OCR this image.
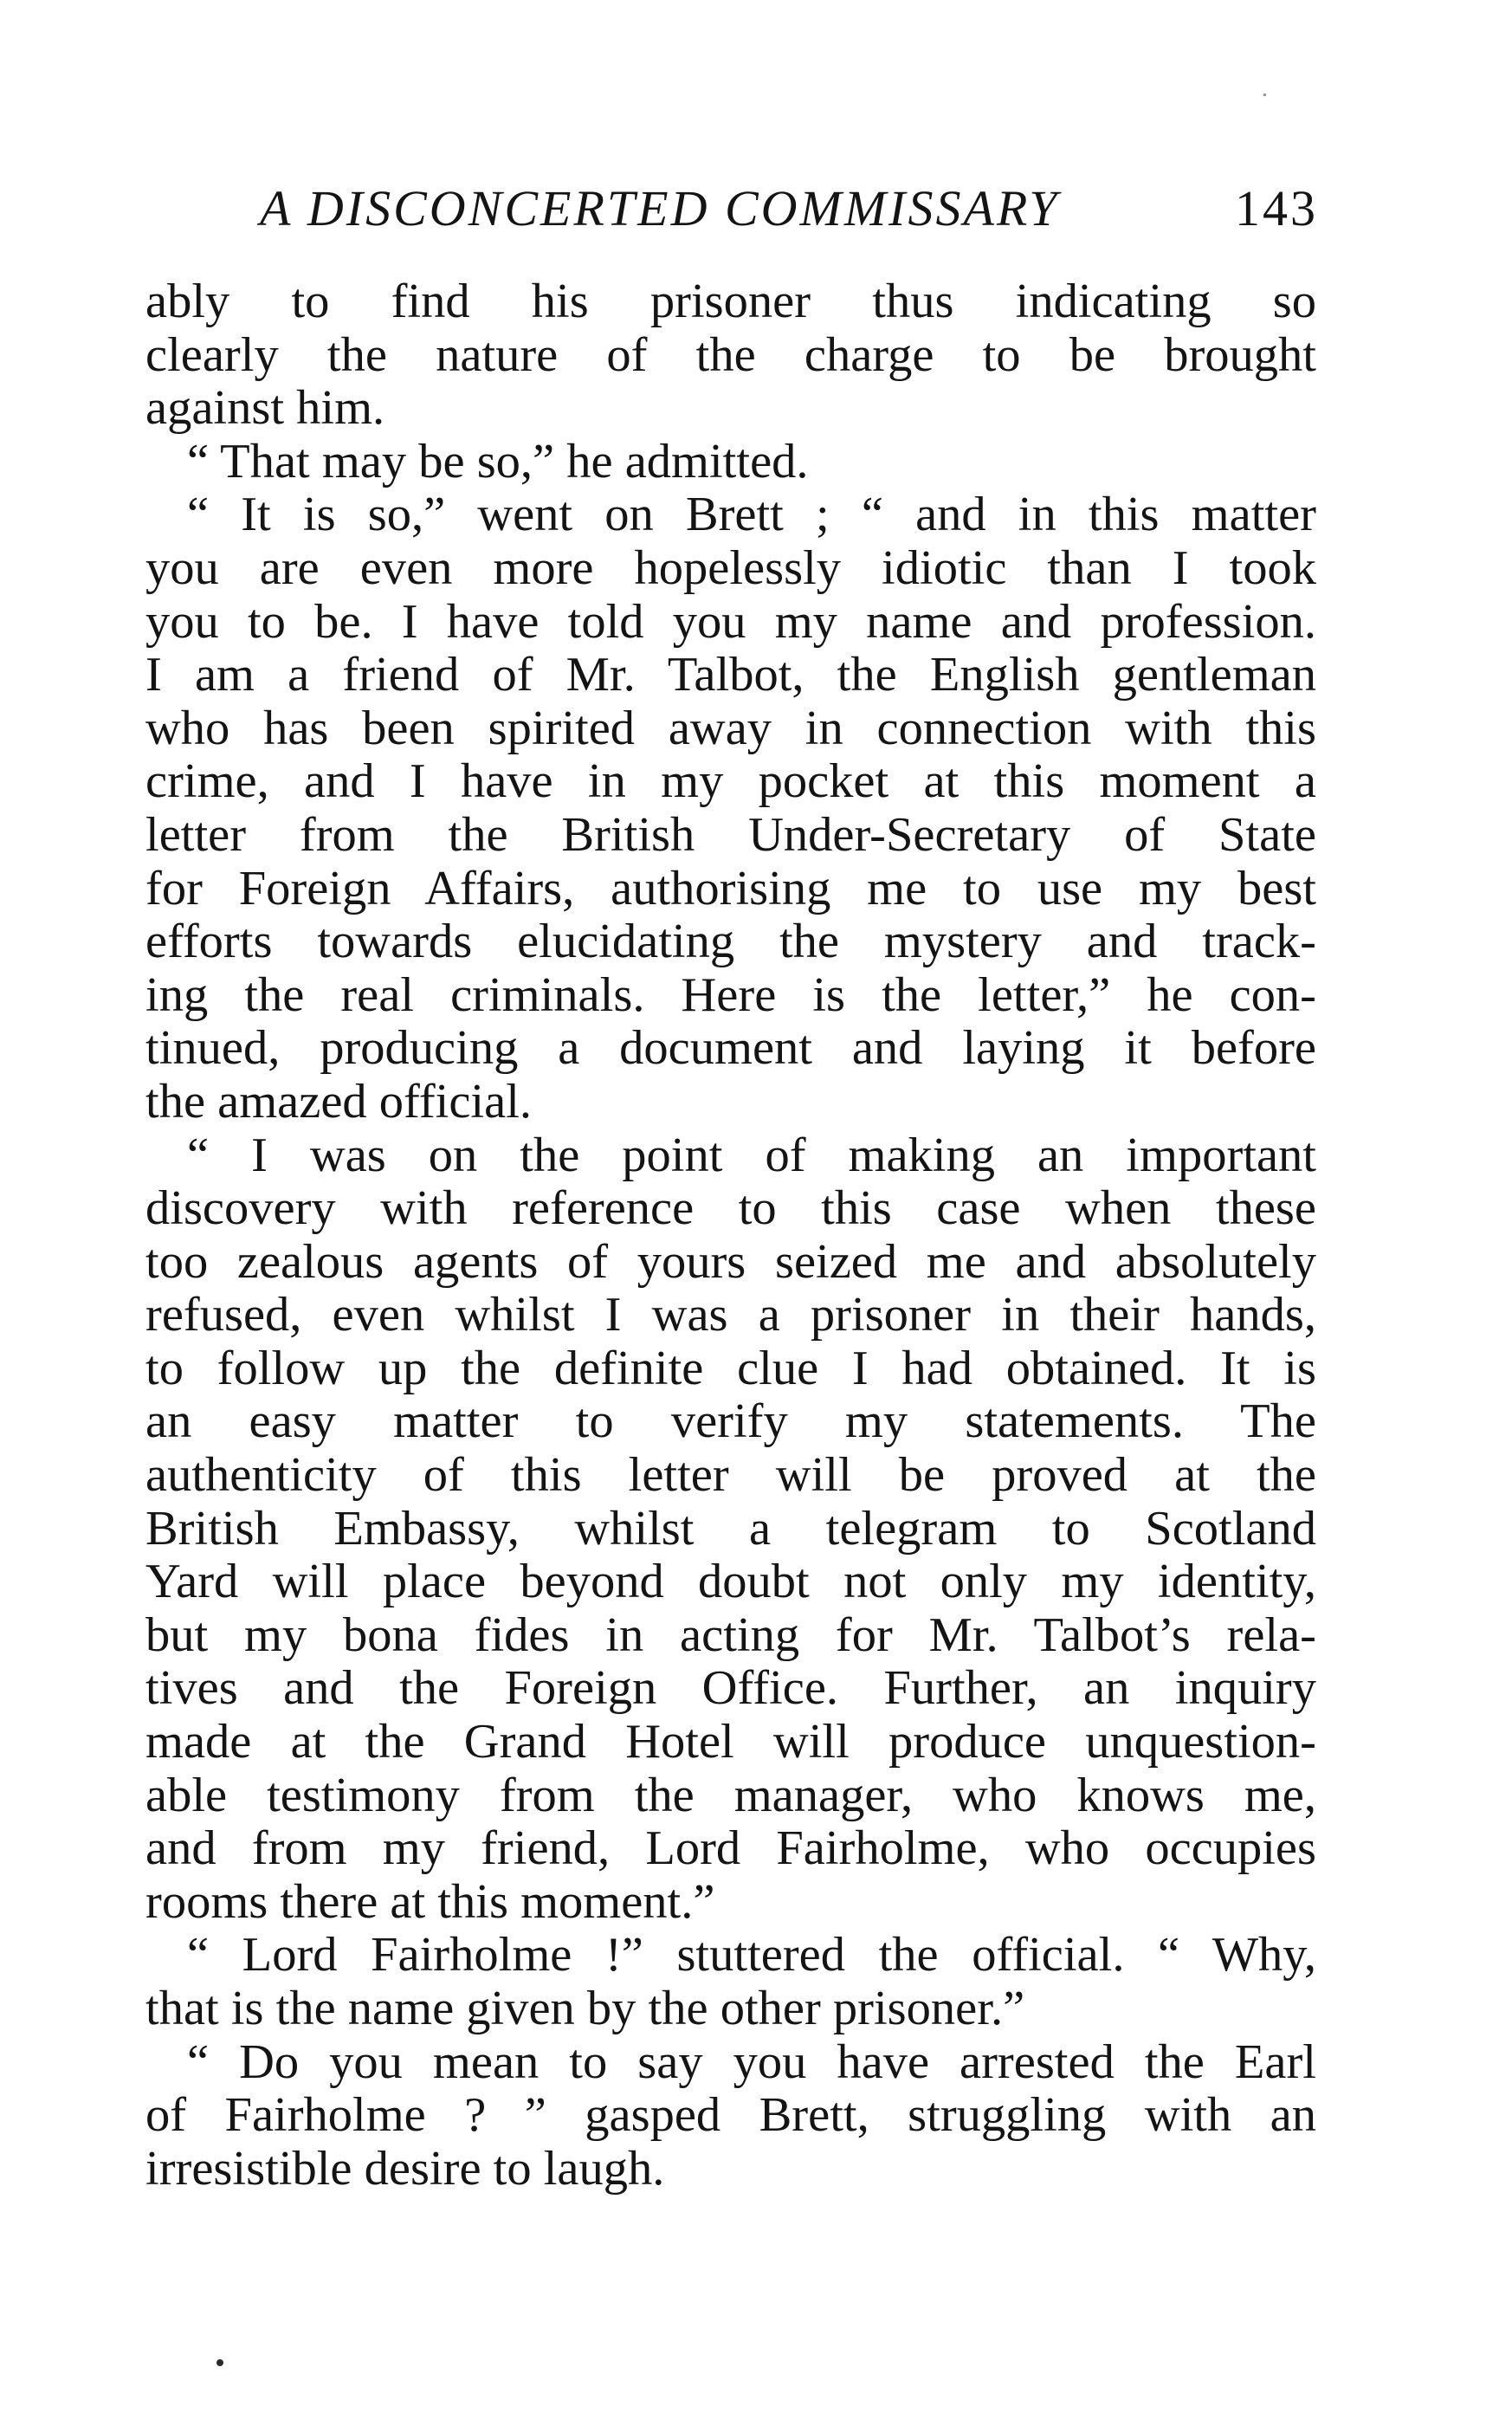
A DISCONCERTED COMMISSARY	143
ably to find his prisoner thus indicating so
clearly the nature of the charge to be brought
against him.
“ That may be so,” he admitted.
“ It is so,” went on Brett ; “ and in this matter
you are even more hopelessly idiotic than I took
you to be. I have told you my name and profession.
I am a friend of Mr. Talbot, the English gentleman
who has been spirited away in connection with this
crime, and I have in my pocket at this moment a
letter from the British Under-Secretary of State
for Foreign Affairs, authorising me to use my best
efforts towards elucidating the mystery and track-
ing the real criminals. Here is the letter,” he con-
tinued, producing a document and laying it before
the amazed official.
“ I was on the point of making an important
discovery with reference to this case when these
too zealous agents of yours seized me and absolutely
refused, even whilst I was a prisoner in their hands,
to follow up the definite clue I had obtained. It is
an easy matter to verify my statements. The
authenticity of this letter will be proved at the
British Embassy, whilst a telegram to Scotland
Yard will place beyond doubt not only my identity,
but my bona fides in acting for Mr. Talbot’s rela-
tives and the Foreign Office. Further, an inquiry
made at the Grand Hotel will produce unquestion-
able testimony from the manager, who knows me,
and from my friend, Lord Fairholme, who occupies
rooms there at this moment.”
“ Lord Fairholme !” stuttered the official. “ Why,
that is the name given by the other prisoner.”
“ Do you mean to say you have arrested the Earl
of Fairholme ? ” gasped Brett, struggling with an
irresistible desire to laugh.
